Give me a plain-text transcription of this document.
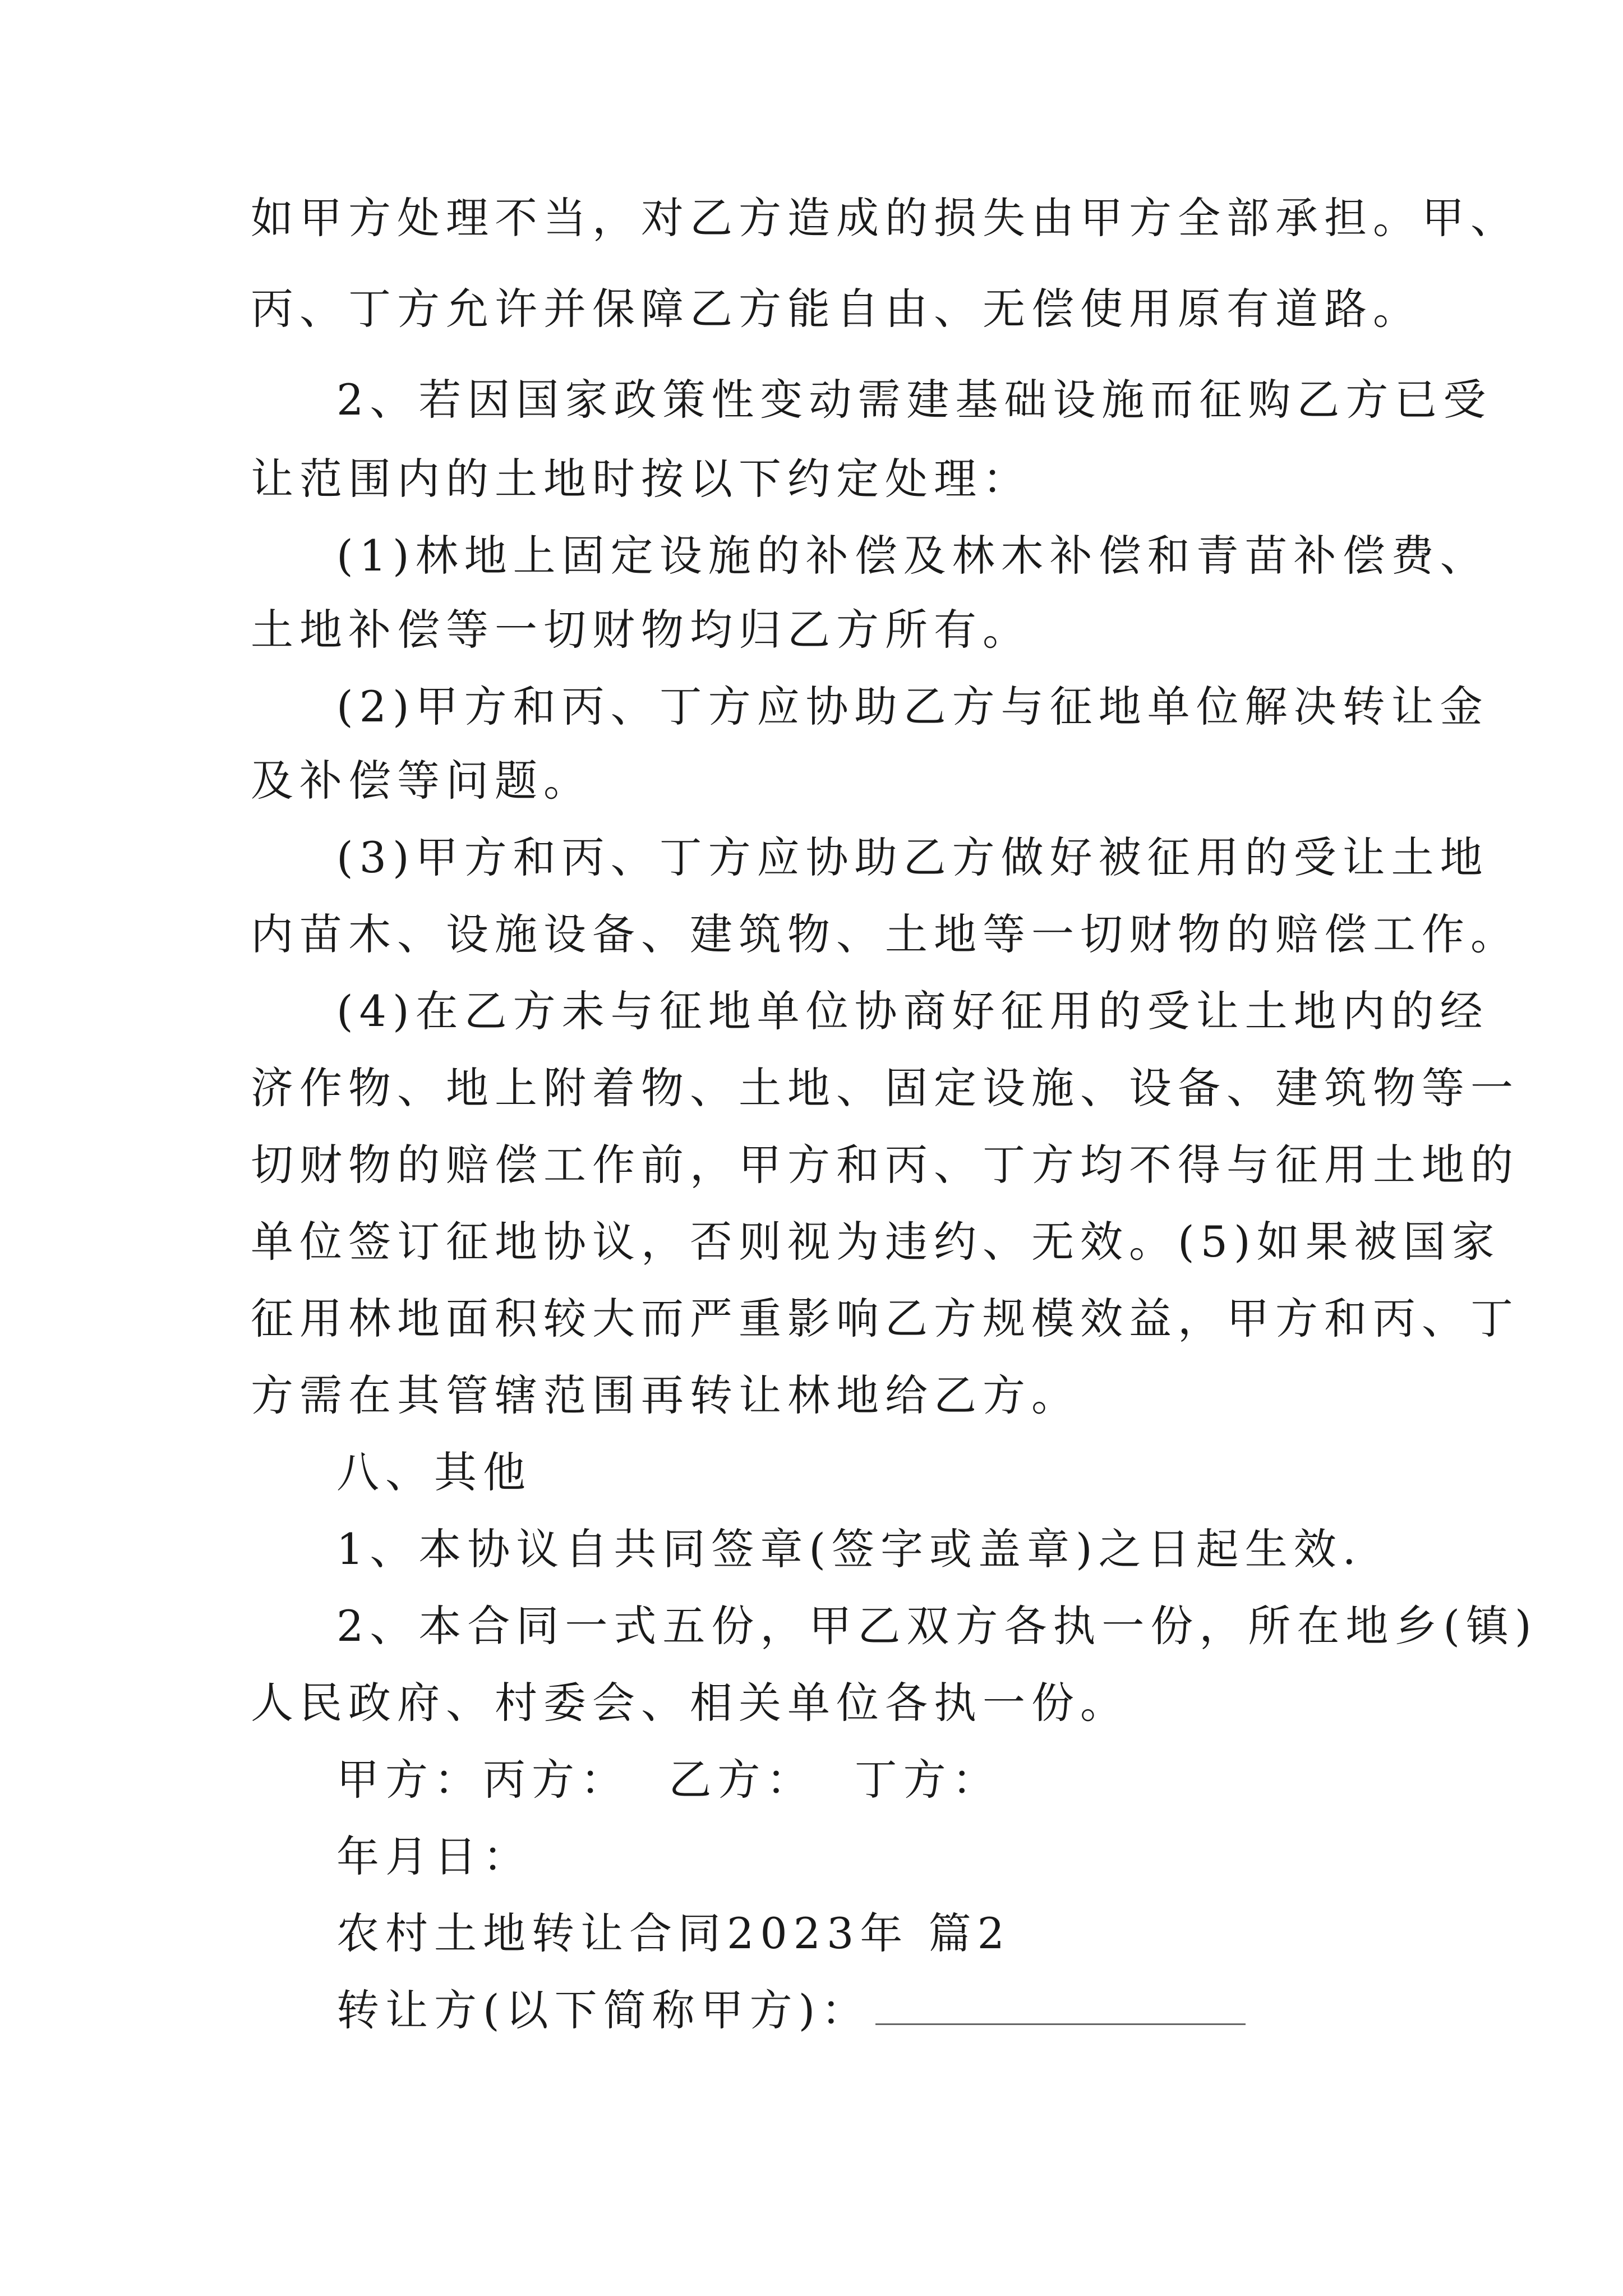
如甲方处理不当，对乙方造成的损失由甲方全部承担。甲、
丙、丁方允许并保障乙方能自由、无偿使用原有道路。
2、若因国家政策性变动需建基础设施而征购乙方已受
让范围内的土地时按以下约定处理：
(1)林地上固定设施的补偿及林木补偿和青苗补偿费、
土地补偿等一切财物均归乙方所有。
(2)甲方和丙、丁方应协助乙方与征地单位解决转让金
及补偿等问题。
(3)甲方和丙、丁方应协助乙方做好被征用的受让土地
内苗木、设施设备、建筑物、土地等一切财物的赔偿工作。
(4)在乙方未与征地单位协商好征用的受让土地内的经
济作物、地上附着物、土地、固定设施、设备、建筑物等一
切财物的赔偿工作前，甲方和丙、丁方均不得与征用土地的
单位签订征地协议，否则视为违约、无效。(5)如果被国家
征用林地面积较大而严重影响乙方规模效益，甲方和丙、丁
方需在其管辖范围再转让林地给乙方。
八、其他
1、本协议自共同签章(签字或盖章)之日起生效.
2、本合同一式五份，甲乙双方各执一份，所在地乡(镇)
人民政府、村委会、相关单位各执一份。
甲方：丙方：  乙方：  丁方：
年月日：
农村土地转让合同2023年 篇2
转让方(以下简称甲方)：
